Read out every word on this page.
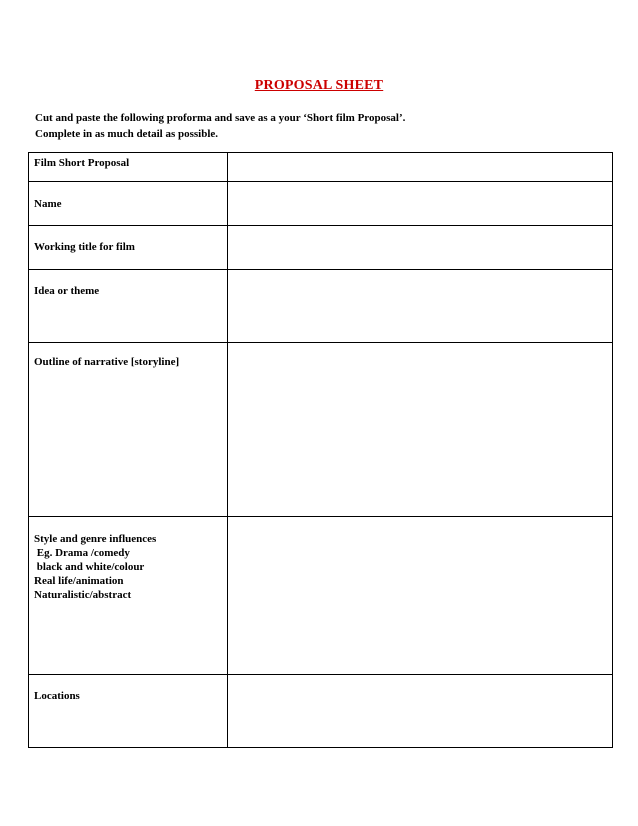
PROPOSAL SHEET
Cut and paste the following proforma and save as a your ‘Short film Proposal’.
Complete in as much detail as possible.
Film Short Proposal	

Name	

Working title for film	

Idea or theme	

Outline of narrative [storyline]	

Style and genre influences
Eg. Drama /comedy
black and white/colour
Real life/animation
Naturalistic/abstract	

Locations	
